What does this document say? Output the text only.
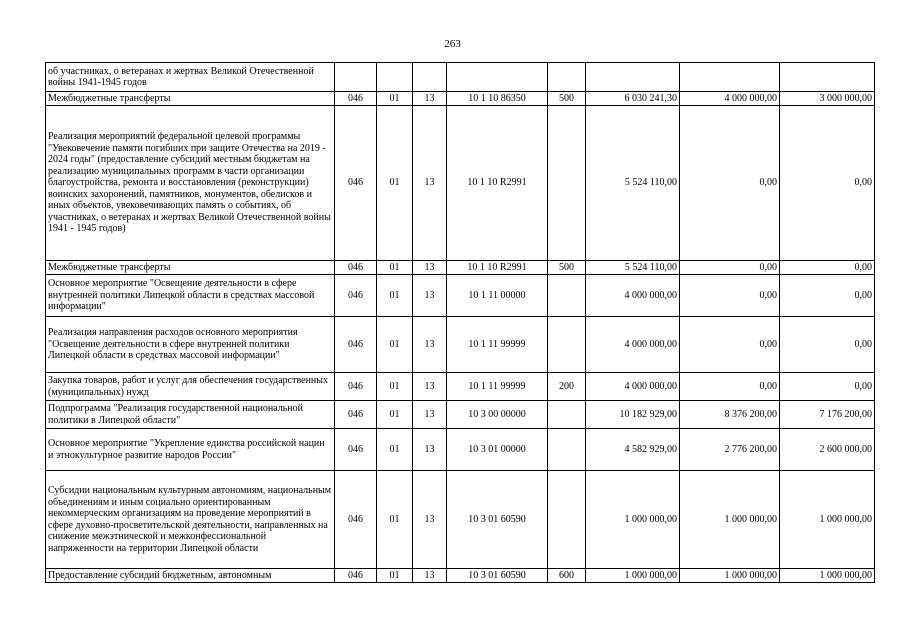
263
об участниках, о ветеранах и жертвах Великой Отечественной войны 1941-1945 годов								
Межбюджетные трансферты	046	01	13	10 1 10 86350	500	6 030 241,30	4 000 000,00	3 000 000,00
Реализация мероприятий федеральной целевой программы "Увековечение памяти погибших при защите Отечества на 2019 - 2024 годы" (предоставление субсидий местным бюджетам на реализацию муниципальных программ в части организации благоустройства, ремонта и восстановления (реконструкции) воинских захоронений, памятников, монументов, обелисков и иных объектов, увековечивающих память о событиях, об участниках, о ветеранах и жертвах Великой Отечественной войны 1941 - 1945 годов)	046	01	13	10 1 10 R2991		5 524 110,00	0,00	0,00
Межбюджетные трансферты	046	01	13	10 1 10 R2991	500	5 524 110,00	0,00	0,00
Основное мероприятие "Освещение деятельности в сфере внутренней политики Липецкой области в средствах массовой информации"	046	01	13	10 1 11 00000		4 000 000,00	0,00	0,00
Реализация направления расходов основного мероприятия "Освещение деятельности в сфере внутренней политики Липецкой области в средствах массовой информации"	046	01	13	10 1 11 99999		4 000 000,00	0,00	0,00
Закупка товаров, работ и услуг для обеспечения государственных (муниципальных) нужд	046	01	13	10 1 11 99999	200	4 000 000,00	0,00	0,00
Подпрограмма "Реализация государственной национальной политики в Липецкой области"	046	01	13	10 3 00 00000		10 182 929,00	8 376 200,00	7 176 200,00
Основное мероприятие "Укрепление единства российской нации и этнокультурное развитие народов России"	046	01	13	10 3 01 00000		4 582 929,00	2 776 200,00	2 600 000,00
Субсидии национальным культурным автономиям, национальным объединениям и иным социально ориентированным некоммерческим организациям на проведение мероприятий в сфере духовно-просветительской деятельности, направленных на снижение межэтнической и межконфессиональной напряженности на территории Липецкой области	046	01	13	10 3 01 60590		1 000 000,00	1 000 000,00	1 000 000,00
Предоставление субсидий бюджетным, автономным	046	01	13	10 3 01 60590	600	1 000 000,00	1 000 000,00	1 000 000,00
